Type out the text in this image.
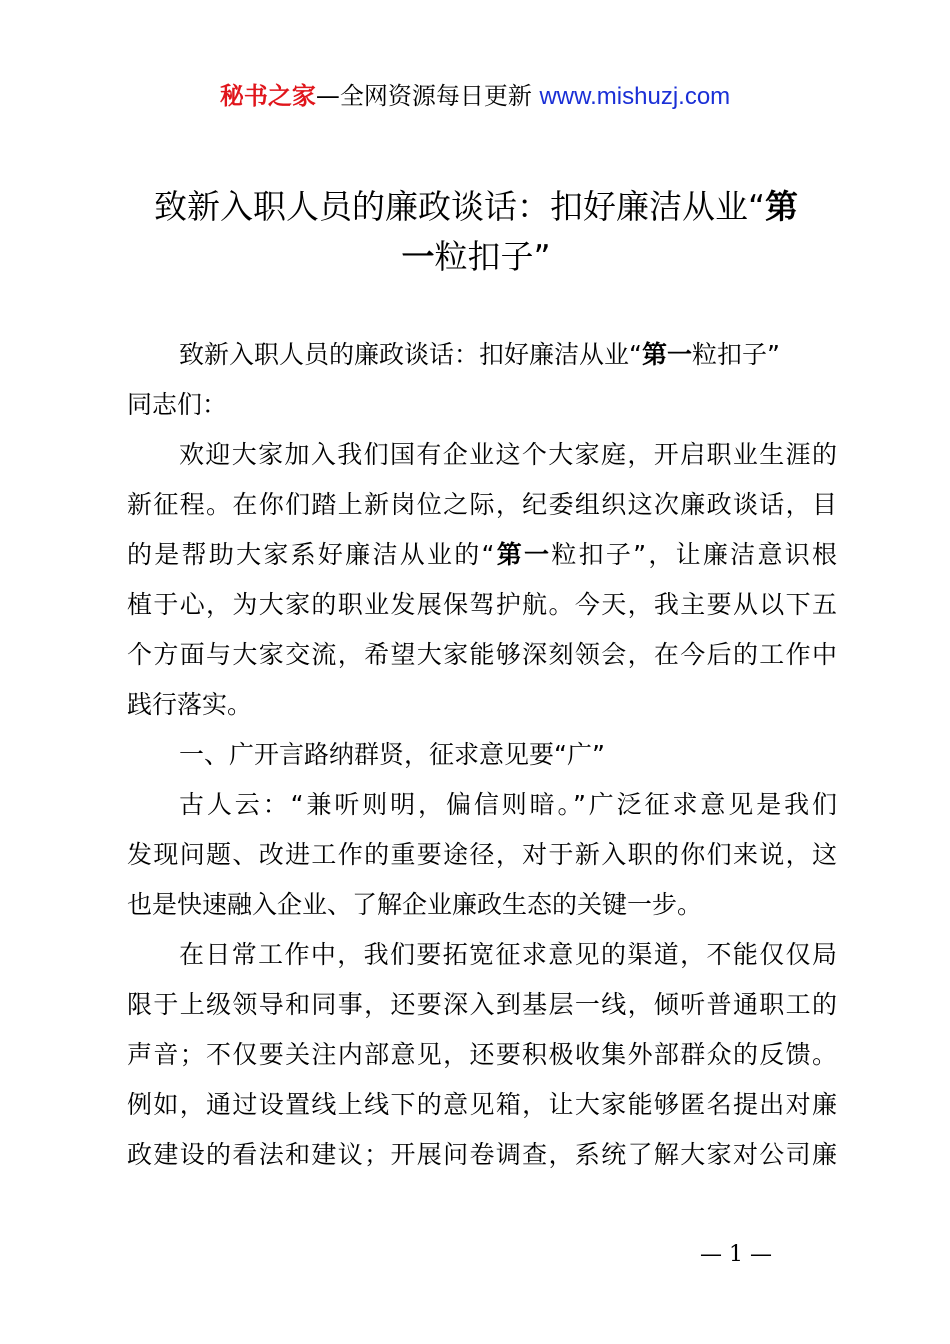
秘书之家—全网资源每日更新 www.mishuzj.com
致新入职人员的廉政谈话：扣好廉洁从业“第
一粒扣子”
致新入职人员的廉政谈话：扣好廉洁从业“第一粒扣子”
同志们：
欢迎大家加入我们国有企业这个大家庭，开启职业生涯的
新征程。在你们踏上新岗位之际，纪委组织这次廉政谈话，目
的是帮助大家系好廉洁从业的“第一粒扣子”，让廉洁意识根
植于心，为大家的职业发展保驾护航。今天，我主要从以下五
个方面与大家交流，希望大家能够深刻领会，在今后的工作中
践行落实。
一、广开言路纳群贤，征求意见要“广”
古人云：“兼听则明，偏信则暗。”广泛征求意见是我们
发现问题、改进工作的重要途径，对于新入职的你们来说，这
也是快速融入企业、了解企业廉政生态的关键一步。
在日常工作中，我们要拓宽征求意见的渠道，不能仅仅局
限于上级领导和同事，还要深入到基层一线，倾听普通职工的
声音；不仅要关注内部意见，还要积极收集外部群众的反馈。
例如，通过设置线上线下的意见箱，让大家能够匿名提出对廉
政建设的看法和建议；开展问卷调查，系统了解大家对公司廉
— 1 —
